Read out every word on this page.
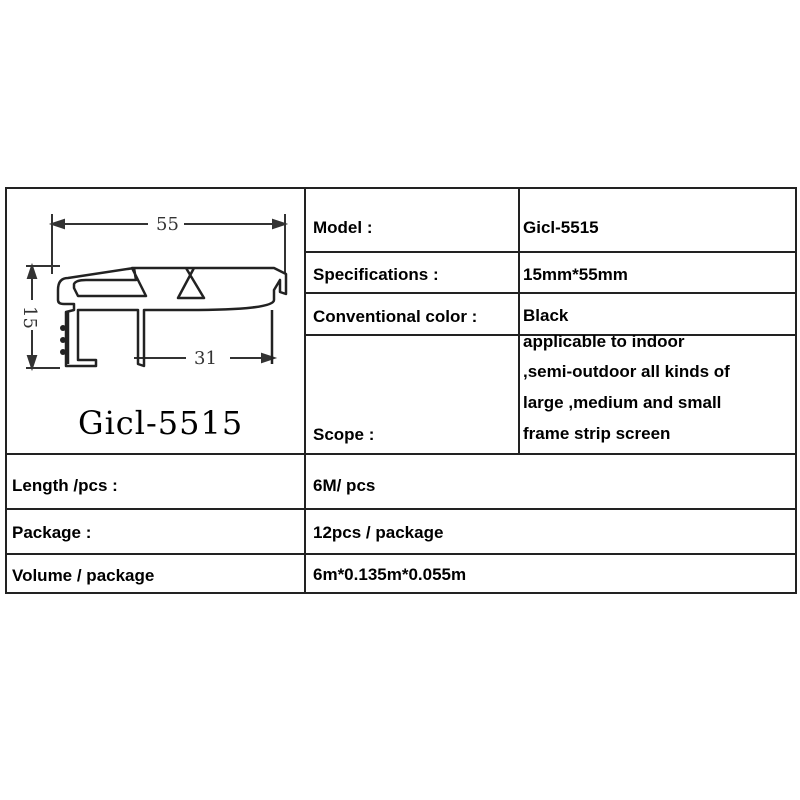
55
31
15
Gicl-5515
Model :	Gicl-5515
Specifications :	15mm*55mm
Conventional color :	Black
Scope :
applicable to indoor
,semi-outdoor all kinds of
large ,medium and small
frame strip screen
Length /pcs :	6M/ pcs
Package :	12pcs / package
Volume / package	6m*0.135m*0.055m
